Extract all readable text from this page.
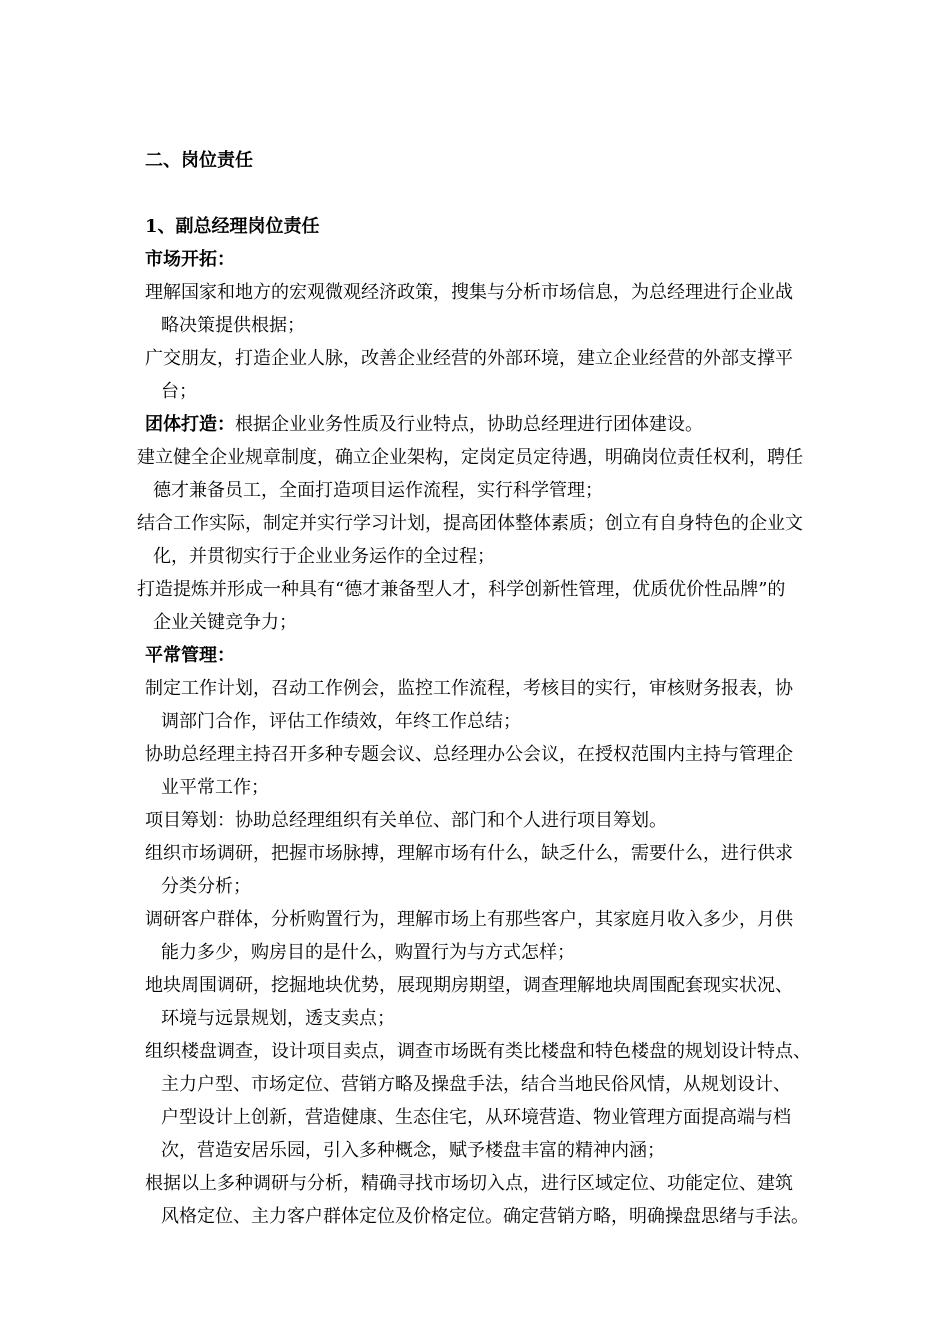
二、岗位责任
1、副总经理岗位责任
市场开拓：
理解国家和地方的宏观微观经济政策，搜集与分析市场信息，为总经理进行企业战
略决策提供根据；
广交朋友，打造企业人脉，改善企业经营的外部环境，建立企业经营的外部支撑平
台；
团体打造：根据企业业务性质及行业特点，协助总经理进行团体建设。
建立健全企业规章制度，确立企业架构，定岗定员定待遇，明确岗位责任权利，聘任
德才兼备员工，全面打造项目运作流程，实行科学管理；
结合工作实际，制定并实行学习计划，提高团体整体素质；创立有自身特色的企业文
化，并贯彻实行于企业业务运作的全过程；
打造提炼并形成一种具有“德才兼备型人才，科学创新性管理，优质优价性品牌”的
企业关键竞争力；
平常管理：
制定工作计划，召动工作例会，监控工作流程，考核目的实行，审核财务报表，协
调部门合作，评估工作绩效，年终工作总结；
协助总经理主持召开多种专题会议、总经理办公会议，在授权范围内主持与管理企
业平常工作；
项目筹划：协助总经理组织有关单位、部门和个人进行项目筹划。
组织市场调研，把握市场脉搏，理解市场有什么，缺乏什么，需要什么，进行供求
分类分析；
调研客户群体，分析购置行为，理解市场上有那些客户，其家庭月收入多少，月供
能力多少，购房目的是什么，购置行为与方式怎样；
地块周围调研，挖掘地块优势，展现期房期望，调查理解地块周围配套现实状况、
环境与远景规划，透支卖点；
组织楼盘调查，设计项目卖点，调查市场既有类比楼盘和特色楼盘的规划设计特点、
主力户型、市场定位、营销方略及操盘手法，结合当地民俗风情，从规划设计、
户型设计上创新，营造健康、生态住宅，从环境营造、物业管理方面提高端与档
次，营造安居乐园，引入多种概念，赋予楼盘丰富的精神内涵；
根据以上多种调研与分析，精确寻找市场切入点，进行区域定位、功能定位、建筑
风格定位、主力客户群体定位及价格定位。确定营销方略，明确操盘思绪与手法。
